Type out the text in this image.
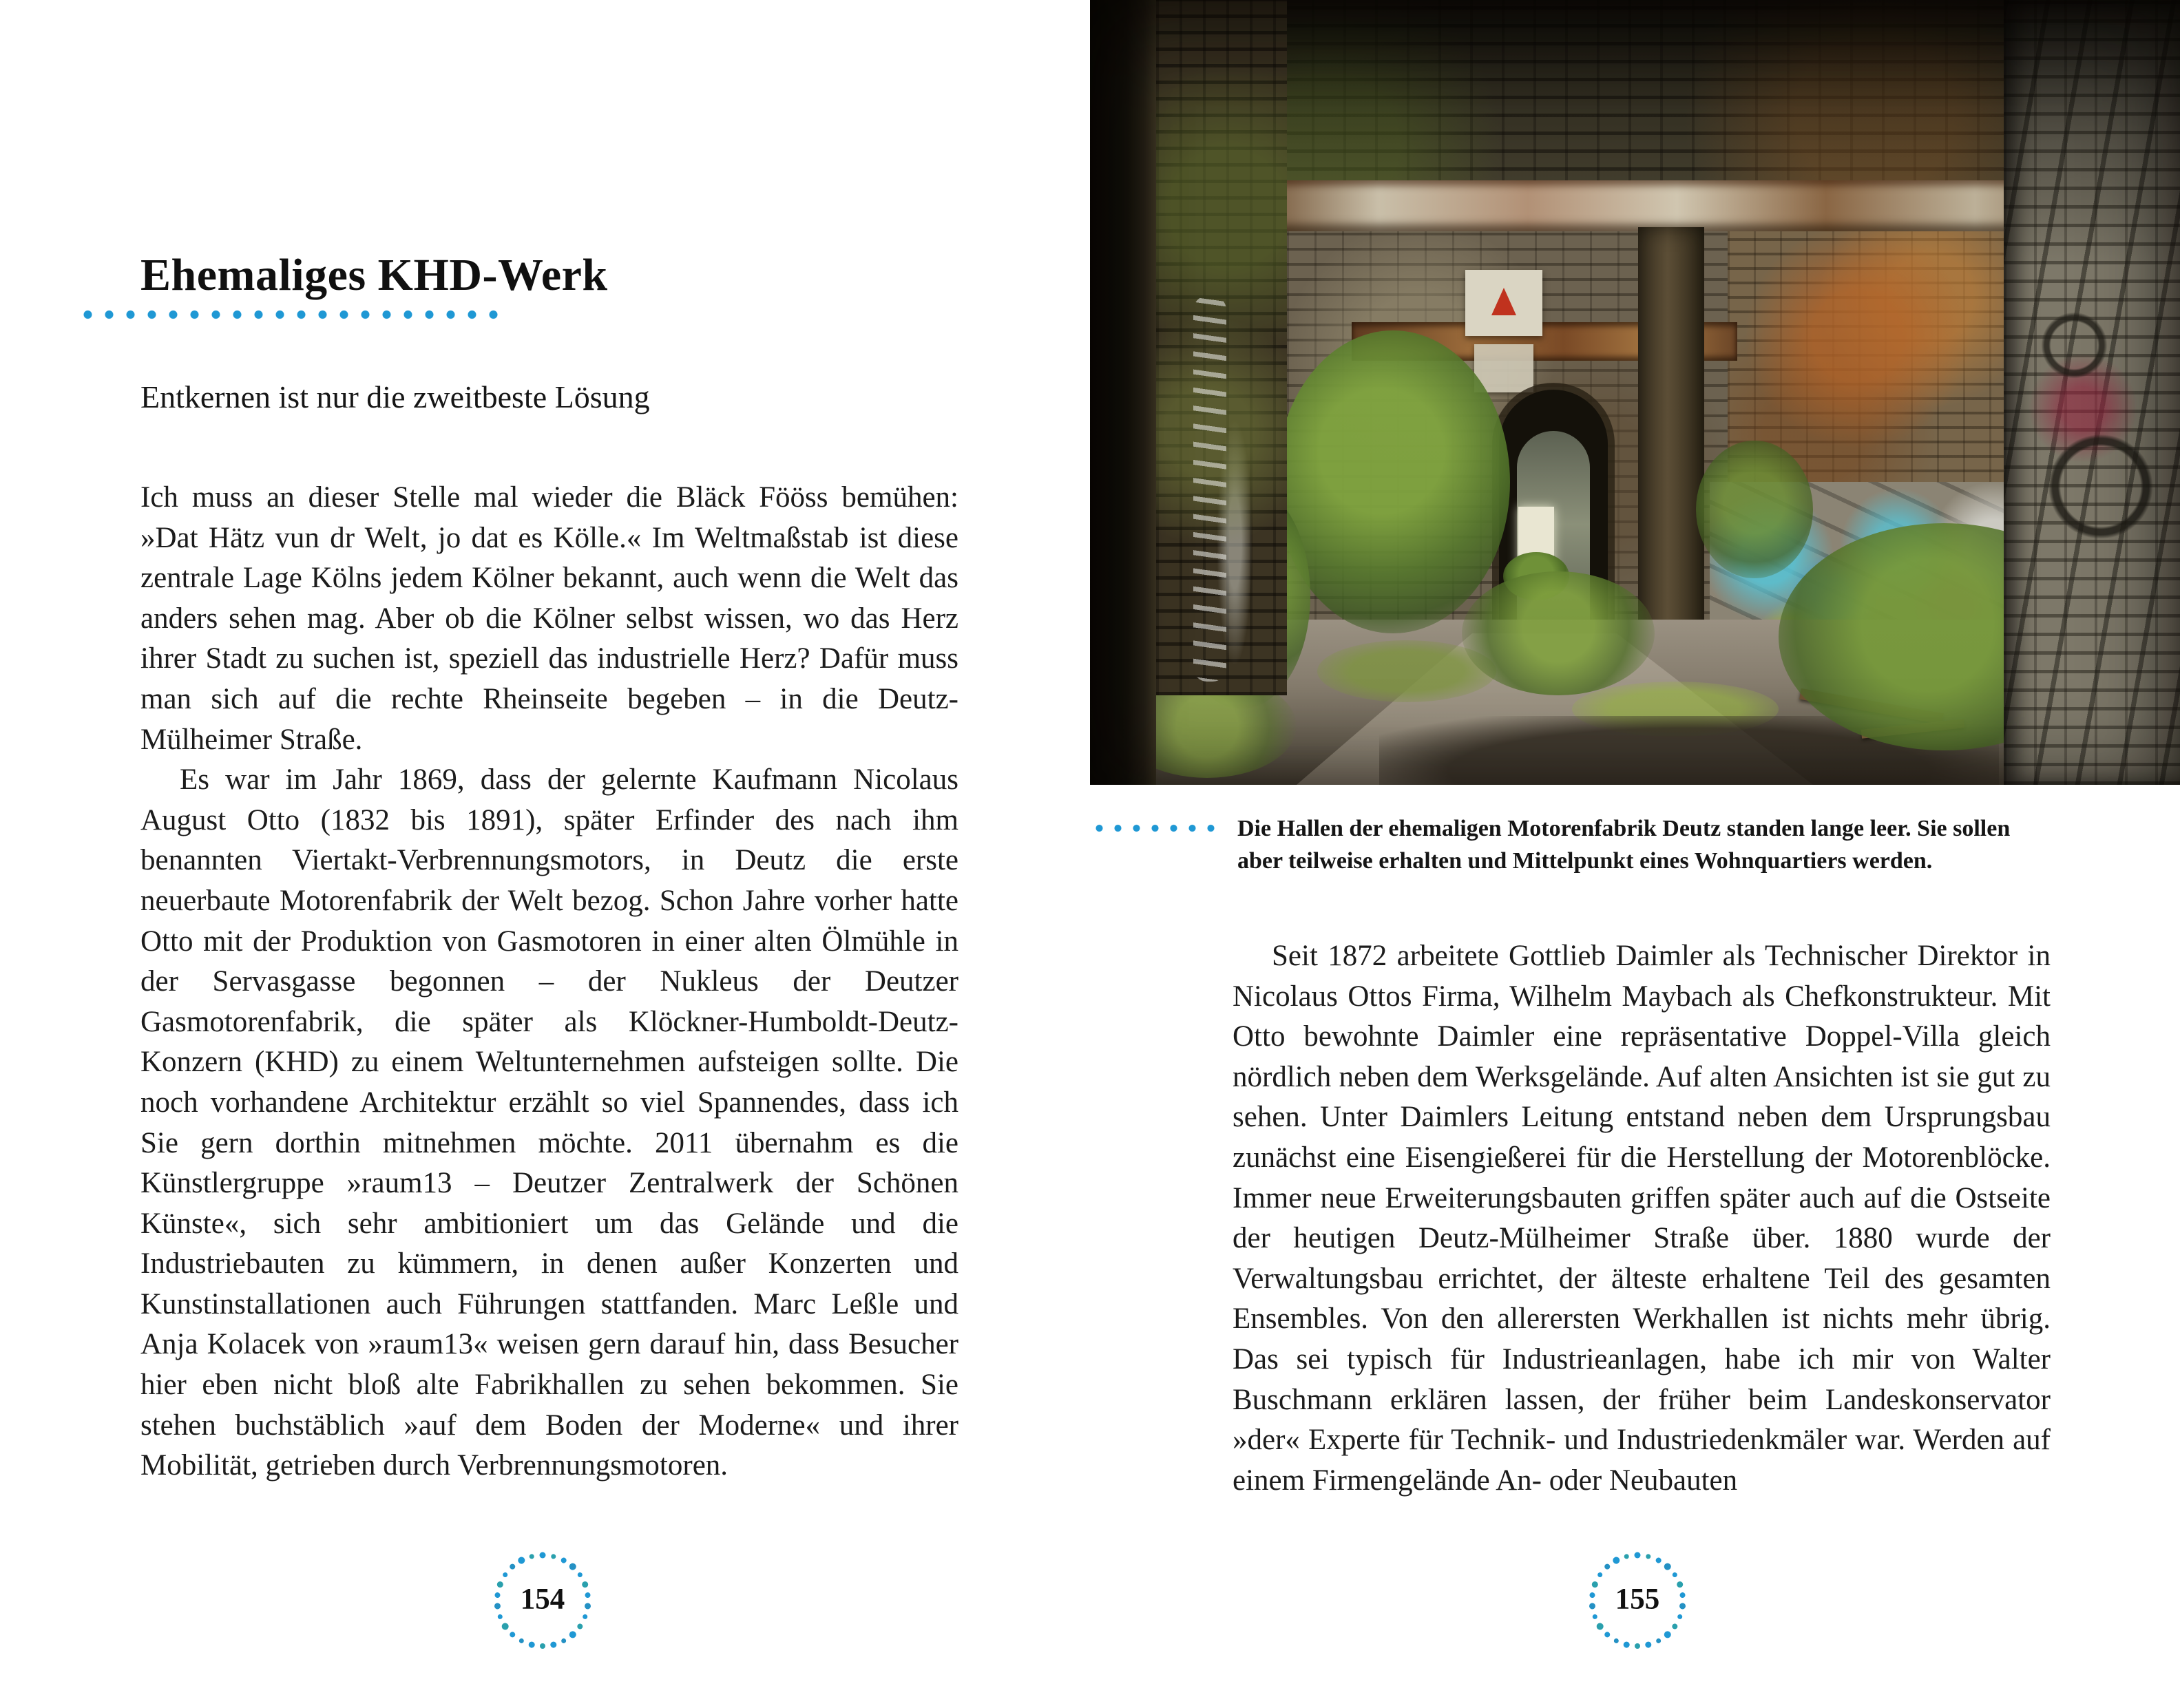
Ehemaliges KHD-Werk
Entkernen ist nur die zweitbeste Lösung

Ich muss an dieser Stelle mal wieder die Bläck Fööss bemühen: »Dat Hätz vun dr Welt, jo dat es Kölle.« Im Weltmaßstab ist diese zentrale Lage Kölns jedem Kölner bekannt, auch wenn die Welt das anders sehen mag. Aber ob die Kölner selbst wissen, wo das Herz ihrer Stadt zu suchen ist, speziell das industrielle Herz? Dafür muss man sich auf die rechte Rheinseite begeben – in die Deutz-Mülheimer Straße.

Es war im Jahr 1869, dass der gelernte Kaufmann Nicolaus August Otto (1832 bis 1891), später Erfinder des nach ihm benannten Viertakt-Verbrennungsmotors, in Deutz die erste neuerbaute Motorenfabrik der Welt bezog. Schon Jahre vorher hatte Otto mit der Produktion von Gasmotoren in einer alten Ölmühle in der Servasgasse begonnen – der Nukleus der Deutzer Gasmotorenfabrik, die später als Klöckner-Humboldt-Deutz-Konzern (KHD) zu einem Weltunternehmen aufsteigen sollte. Die noch vorhandene Architektur erzählt so viel Spannendes, dass ich Sie gern dorthin mitnehmen möchte. 2011 übernahm es die Künstlergruppe »raum13 – Deutzer Zentralwerk der Schönen Künste«, sich sehr ambitioniert um das Gelände und die Industriebauten zu kümmern, in denen außer Konzerten und Kunstinstallationen auch Führungen stattfanden. Marc Leßle und Anja Kolacek von »raum13« weisen gern darauf hin, dass Besucher hier eben nicht bloß alte Fabrikhallen zu sehen bekommen. Sie stehen buchstäblich »auf dem Boden der Moderne« und ihrer Mobilität, getrieben durch Verbrennungsmotoren.

154
Die Hallen der ehemaligen Motorenfabrik Deutz standen lange leer. Sie sollen aber teilweise erhalten und Mittelpunkt eines Wohnquartiers werden.

Seit 1872 arbeitete Gottlieb Daimler als Technischer Direktor in Nicolaus Ottos Firma, Wilhelm Maybach als Chefkonstrukteur. Mit Otto bewohnte Daimler eine repräsentative Doppel-Villa gleich nördlich neben dem Werksgelände. Auf alten Ansichten ist sie gut zu sehen. Unter Daimlers Leitung entstand neben dem Ursprungsbau zunächst eine Eisengießerei für die Herstellung der Motorenblöcke. Immer neue Erweiterungsbauten griffen später auch auf die Ostseite der heutigen Deutz-Mülheimer Straße über. 1880 wurde der Verwaltungsbau errichtet, der älteste erhaltene Teil des gesamten Ensembles. Von den allerersten Werkhallen ist nichts mehr übrig. Das sei typisch für Industrieanlagen, habe ich mir von Walter Buschmann erklären lassen, der früher beim Landeskonservator »der« Experte für Technik- und Industriedenkmäler war. Werden auf einem Firmengelände An- oder Neubauten

155
